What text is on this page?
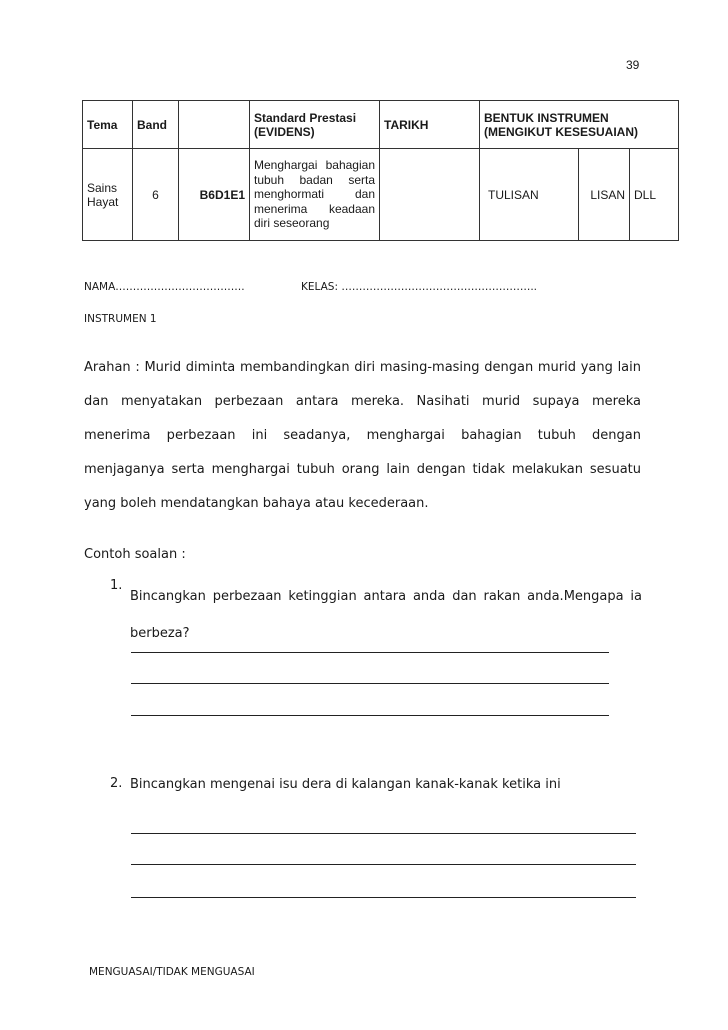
39
Tema	Band		Standard Prestasi (EVIDENS)	TARIKH	BENTUK INSTRUMEN (MENGIKUT KESESUAIAN)		
Sains Hayat	6	B6D1E1	Menghargai bahagian tubuh badan serta menghormati dan menerima keadaan diri seseorang		TULISAN	LISAN	DLL
NAMA……………………………….	KELAS: ………………………………………………..
INSTRUMEN 1
Arahan : Murid diminta membandingkan diri masing-masing dengan murid yang lain dan menyatakan perbezaan antara mereka. Nasihati murid supaya mereka menerima perbezaan ini seadanya, menghargai bahagian tubuh dengan menjaganya serta menghargai tubuh orang lain dengan tidak melakukan sesuatu yang boleh mendatangkan bahaya atau kecederaan.
Contoh soalan :
1.
Bincangkan perbezaan ketinggian antara anda dan rakan anda.Mengapa ia berbeza?
2. Bincangkan mengenai isu dera di kalangan kanak-kanak ketika ini
MENGUASAI/TIDAK MENGUASAI
